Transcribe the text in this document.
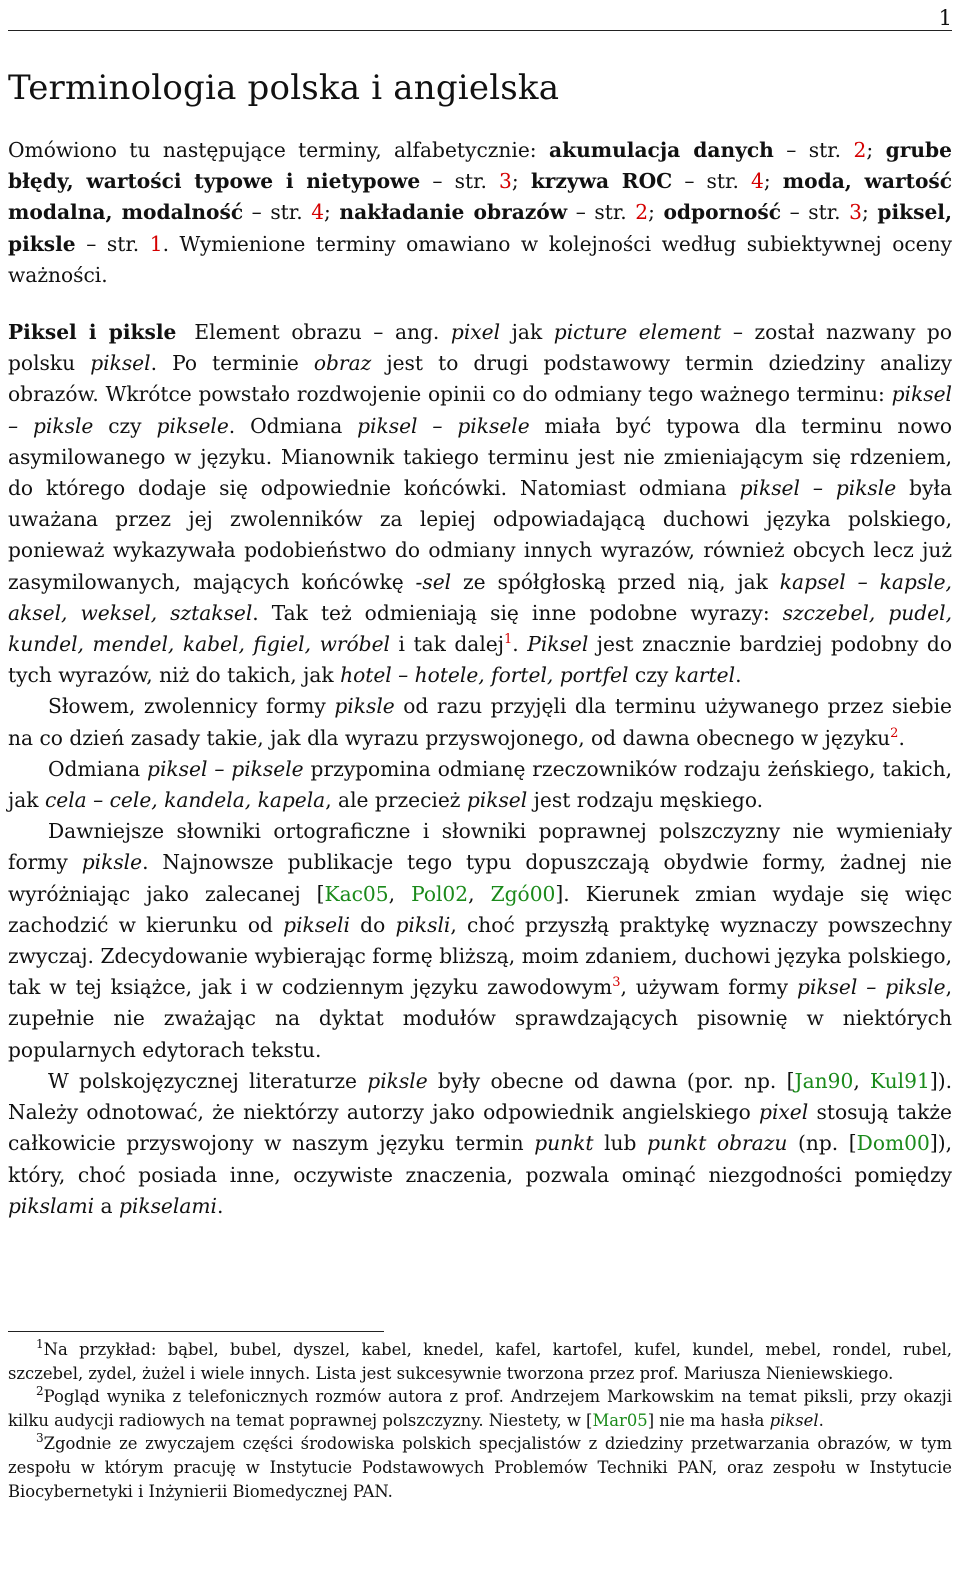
1
Terminologia polska i angielska

Omówiono tu następujące terminy, alfabetycznie: akumulacja danych – str. 2; grube błędy, wartości typowe i nietypowe – str. 3; krzywa ROC – str. 4; moda, wartość modalna, modalność – str. 4; nakładanie obrazów – str. 2; odporność – str. 3; piksel, piksle – str. 1. Wymienione terminy omawiano w kolejności według subiektywnej oceny ważności.

Piksel i piksle Element obrazu – ang. pixel jak picture element – został nazwany po polsku piksel. Po terminie obraz jest to drugi podstawowy termin dziedziny analizy obrazów. Wkrótce powstało rozdwojenie opinii co do odmiany tego ważnego terminu: piksel – piksle czy piksele. Odmiana piksel – piksele miała być typowa dla terminu nowo asymilowanego w języku. Mianownik takiego terminu jest nie zmieniającym się rdzeniem, do którego dodaje się odpowiednie końcówki. Natomiast odmiana piksel – piksle była uważana przez jej zwolenników za lepiej odpowiadającą duchowi języka polskiego, ponieważ wykazywała podobieństwo do odmiany innych wyrazów, również obcych lecz już zasymilowanych, mających końcówkę -sel ze spółgłoską przed nią, jak kapsel – kapsle, aksel, weksel, sztaksel. Tak też odmieniają się inne podobne wyrazy: szczebel, pudel, kundel, mendel, kabel, figiel, wróbel i tak dalej$^1$. Piksel jest znacznie bardziej podobny do tych wyrazów, niż do takich, jak hotel – hotele, fortel, portfel czy kartel.

Słowem, zwolennicy formy piksle od razu przyjęli dla terminu używanego przez siebie na co dzień zasady takie, jak dla wyrazu przyswojonego, od dawna obecnego w języku$^2$.

Odmiana piksel – piksele przypomina odmianę rzeczowników rodzaju żeńskiego, takich, jak cela – cele, kandela, kapela, ale przecież piksel jest rodzaju męskiego.

Dawniejsze słowniki ortograficzne i słowniki poprawnej polszczyzny nie wymieniały formy piksle. Najnowsze publikacje tego typu dopuszczają obydwie formy, żadnej nie wyróżniając jako zalecanej [Kac05, Pol02, Zgó00]. Kierunek zmian wydaje się więc zachodzić w kierunku od pikseli do piksli, choć przyszłą praktykę wyznaczy powszechny zwyczaj. Zdecydowanie wybierając formę bliższą, moim zdaniem, duchowi języka polskiego, tak w tej książce, jak i w codziennym języku zawodowym$^3$, używam formy piksel – piksle, zupełnie nie zważając na dyktat modułów sprawdzających pisownię w niektórych popularnych edytorach tekstu.

W polskojęzycznej literaturze piksle były obecne od dawna (por. np. [Jan90, Kul91]). Należy odnotować, że niektórzy autorzy jako odpowiednik angielskiego pixel stosują także całkowicie przyswojony w naszym języku termin punkt lub punkt obrazu (np. [Dom00]), który, choć posiada inne, oczywiste znaczenia, pozwala ominąć niezgodności pomiędzy pikslami a pikselami.

$^1$Na przykład: bąbel, bubel, dyszel, kabel, knedel, kafel, kartofel, kufel, kundel, mebel, rondel, rubel, szczebel, zydel, żużel i wiele innych. Lista jest sukcesywnie tworzona przez prof. Mariusza Nieniewskiego.

$^2$Pogląd wynika z telefonicznych rozmów autora z prof. Andrzejem Markowskim na temat piksli, przy okazji kilku audycji radiowych na temat poprawnej polszczyzny. Niestety, w [Mar05] nie ma hasła piksel.

$^3$Zgodnie ze zwyczajem części środowiska polskich specjalistów z dziedziny przetwarzania obrazów, w tym zespołu w którym pracuję w Instytucie Podstawowych Problemów Techniki PAN, oraz zespołu w Instytucie Biocybernetyki i Inżynierii Biomedycznej PAN.
